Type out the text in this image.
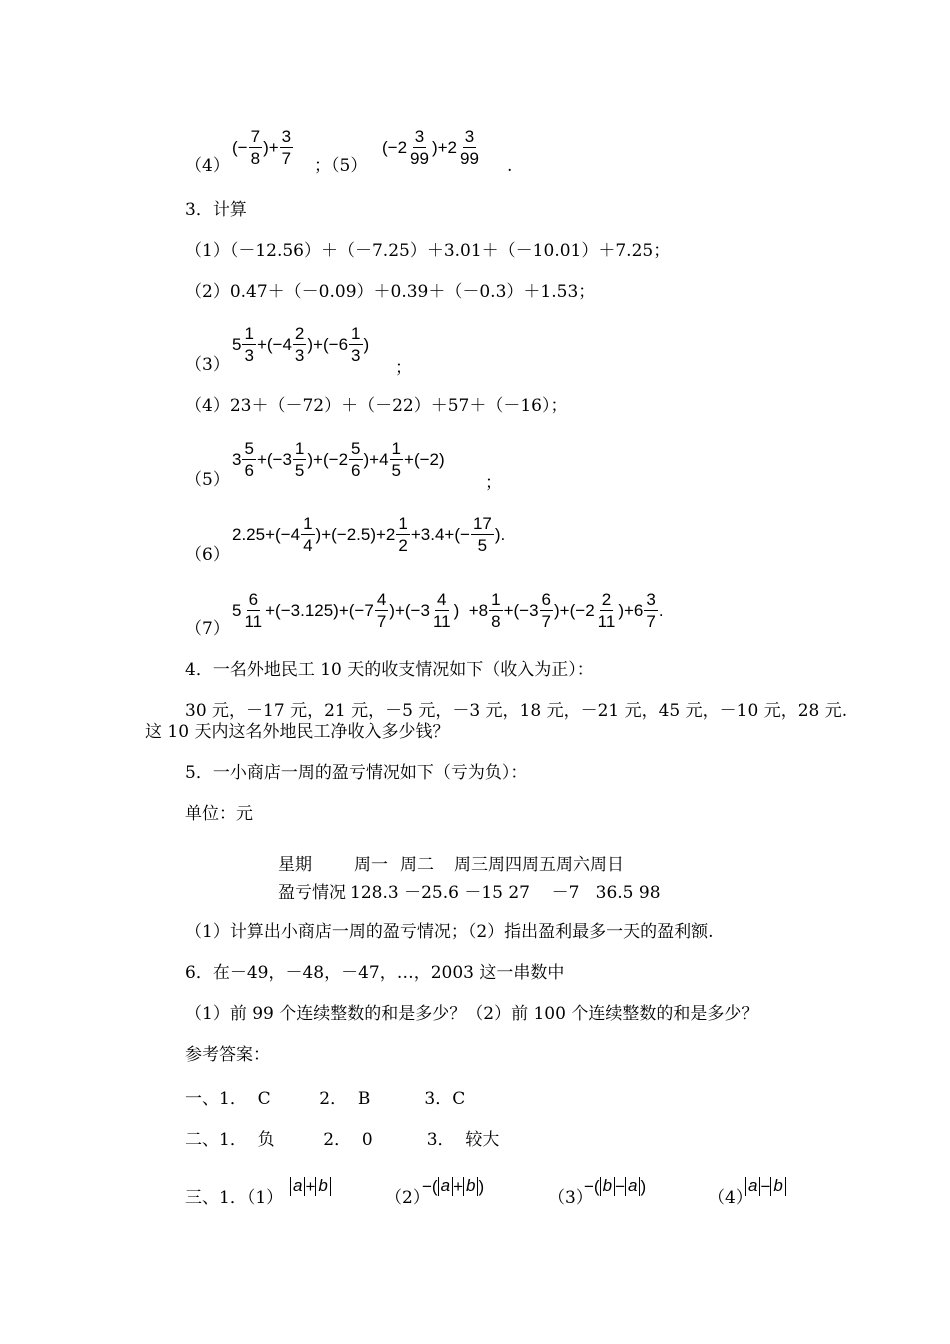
（4）
(− $\frac{7}{8}$ )+ $\frac{3}{7}$ ；（5）
$(-2 \frac{3}{99} )+2 \frac{3}{99}$ .
3．计算
（1）（－12.56）＋（－7.25）＋3.01＋（－10.01）＋7.25；
（2）0.47＋（－0.09）＋0.39＋（－0.3）＋1.53；
（3）
$5 \frac{1}{3} +(-4 \frac{2}{3} )+(-6 \frac{1}{3}$ )
；
（4）23＋（－72）＋（－22）＋57＋（－16）；
（5）
$3 \frac{5}{6} +(-3 \frac{1}{5} )+(-2 \frac{5}{6} )+4 \frac{1}{5} +(-2)$
；
（6）
$2.25+(-4 \frac{1}{4} )+(-2.5)+2 \frac{1}{2} +3.4+(- \frac{17}{5}$ ).
（7）
$5 \frac{6}{11} +(-3.125)+(-7 \frac{4}{7} )+(-3 \frac{4}{11}$ )  $+8 \frac{1}{8} +(-3 \frac{6}{7} )+(-2 \frac{2}{11} )+6 \frac{3}{7}$ .
4．一名外地民工 10 天的收支情况如下（收入为正）：
30 元，－17 元，21 元，－5 元，－3 元，18 元，－21 元，45 元，－10 元，28 元.
这 10 天内这名外地民工净收入多少钱？
5．一小商店一周的盈亏情况如下（亏为负）：
单位：元
星期 周一 周二 周三周四周五周六周日
盈亏情况 128.3 －25.6 －15 27    －7   36.5 98
（1）计算出小商店一周的盈亏情况；（2）指出盈利最多一天的盈利额.
6．在－49，－48，－47，…，2003 这一串数中
（1）前 99 个连续整数的和是多少？（2）前 100 个连续整数的和是多少？
参考答案：
一、1．  C         2．  B          3．C
二、1．  负         2．  0          3．  较大
三、1．（1）
a + b
（2）
−( a + b )
（3）
−( b − a )
（4）
a − b
